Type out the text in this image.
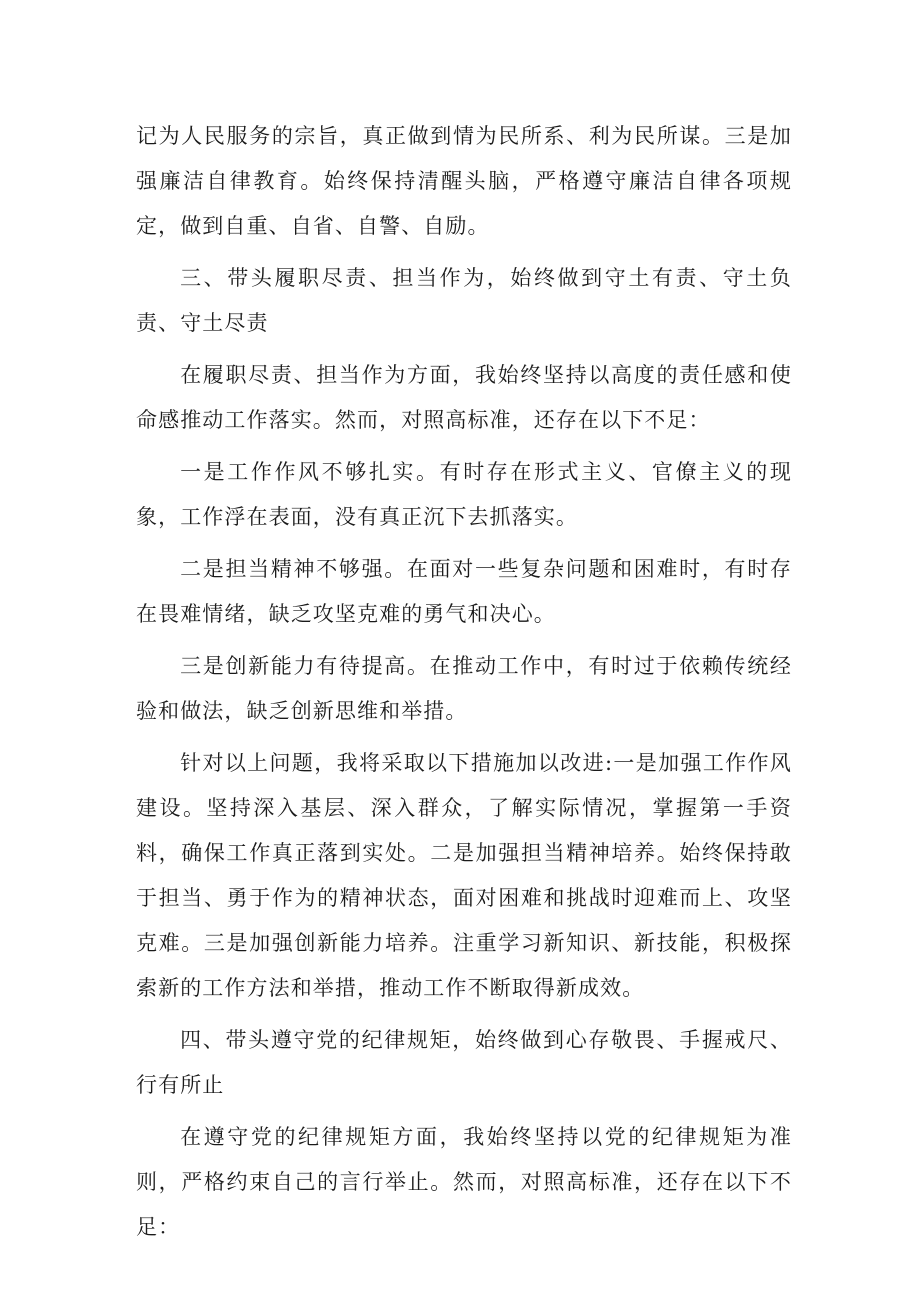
记为人民服务的宗旨，真正做到情为民所系、利为民所谋。三是加强廉洁自律教育。始终保持清醒头脑，严格遵守廉洁自律各项规定，做到自重、自省、自警、自励。

三、带头履职尽责、担当作为，始终做到守土有责、守土负责、守土尽责

在履职尽责、担当作为方面，我始终坚持以高度的责任感和使命感推动工作落实。然而，对照高标准，还存在以下不足：

一是工作作风不够扎实。有时存在形式主义、官僚主义的现象，工作浮在表面，没有真正沉下去抓落实。

二是担当精神不够强。在面对一些复杂问题和困难时，有时存在畏难情绪，缺乏攻坚克难的勇气和决心。

三是创新能力有待提高。在推动工作中，有时过于依赖传统经验和做法，缺乏创新思维和举措。

针对以上问题，我将采取以下措施加以改进:一是加强工作作风建设。坚持深入基层、深入群众，了解实际情况，掌握第一手资料，确保工作真正落到实处。二是加强担当精神培养。始终保持敢于担当、勇于作为的精神状态，面对困难和挑战时迎难而上、攻坚克难。三是加强创新能力培养。注重学习新知识、新技能，积极探索新的工作方法和举措，推动工作不断取得新成效。

四、带头遵守党的纪律规矩，始终做到心存敬畏、手握戒尺、行有所止

在遵守党的纪律规矩方面，我始终坚持以党的纪律规矩为准则，严格约束自己的言行举止。然而，对照高标准，还存在以下不足：
